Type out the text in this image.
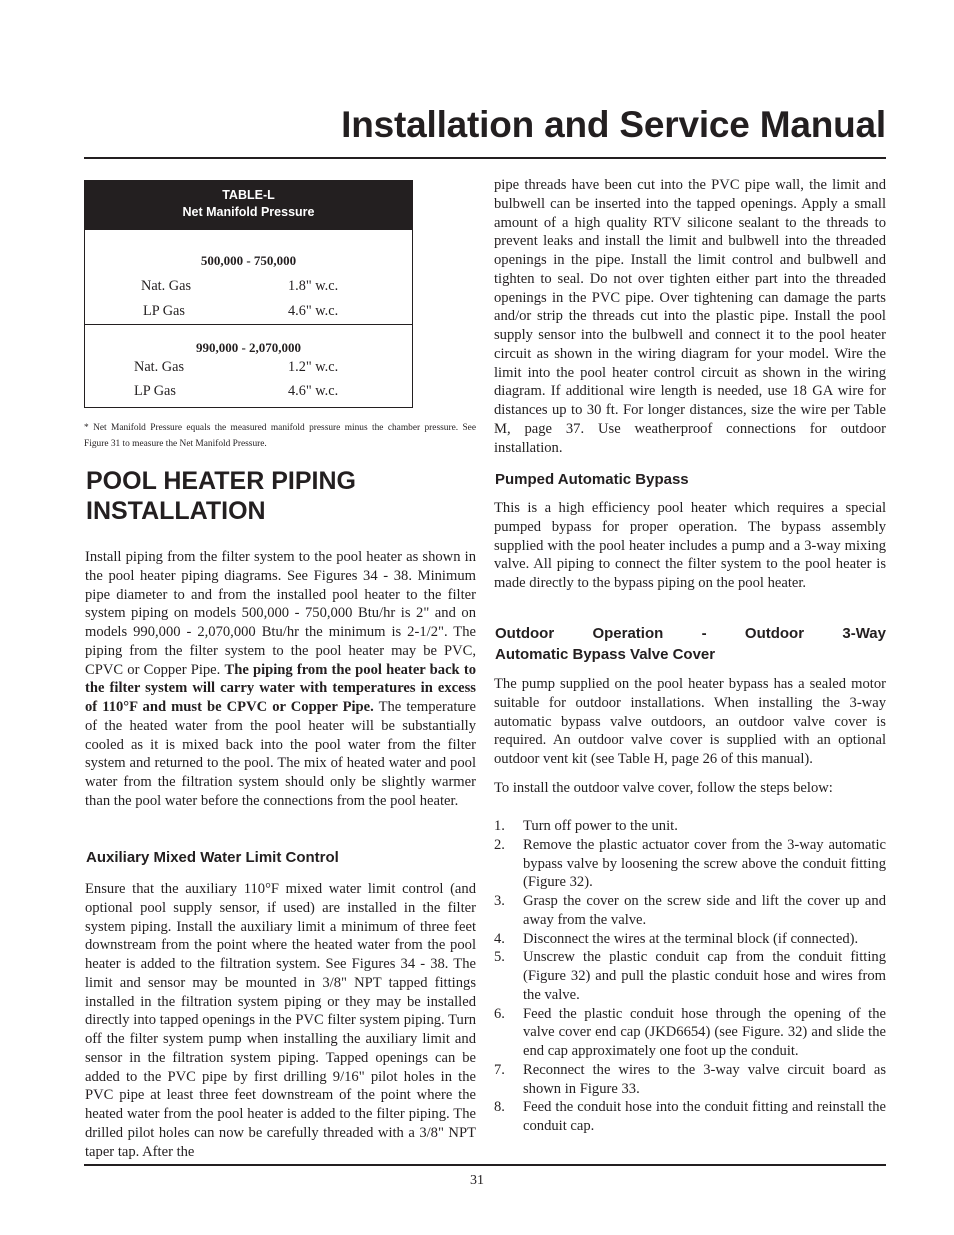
Installation and Service Manual
TABLE-L
Net Manifold Pressure
500,000 - 750,000
Nat. Gas	1.8" w.c.
LP Gas	4.6" w.c.
990,000 - 2,070,000
Nat. Gas	1.2" w.c.
LP Gas	4.6" w.c.
* Net Manifold Pressure equals the measured manifold pressure minus the chamber pressure. See Figure 31 to measure the Net Manifold Pressure.
POOL HEATER PIPING
INSTALLATION

Install piping from the filter system to the pool heater as shown in the pool heater piping diagrams. See Figures 34 - 38. Minimum pipe diameter to and from the installed pool heater to the filter system piping on models 500,000 - 750,000 Btu/hr is 2" and on models 990,000 - 2,070,000 Btu/hr the minimum is 2-1/2". The piping from the filter system to the pool heater may be PVC, CPVC or Copper Pipe. The piping from the pool heater back to the filter system will carry water with temperatures in excess of 110°F and must be CPVC or Copper Pipe. The temperature of the heated water from the pool heater will be substantially cooled as it is mixed back into the pool water from the filter system and returned to the pool. The mix of heated water and pool water from the filtration system should only be slightly warmer than the pool water before the connections from the pool heater.

Auxiliary Mixed Water Limit Control

Ensure that the auxiliary 110°F mixed water limit control (and optional pool supply sensor, if used) are installed in the filter system piping. Install the auxiliary limit a minimum of three feet downstream from the point where the heated water from the pool heater is added to the filtration system. See Figures 34 - 38. The limit and sensor may be mounted in 3/8" NPT tapped fittings installed in the filtration system piping or they may be installed directly into tapped openings in the PVC filter system piping. Turn off the filter system pump when installing the auxiliary limit and sensor in the filtration system piping. Tapped openings can be added to the PVC pipe by first drilling 9/16" pilot holes in the PVC pipe at least three feet downstream of the point where the heated water from the pool heater is added to the filter piping. The drilled pilot holes can now be carefully threaded with a 3/8" NPT taper tap. After the

pipe threads have been cut into the PVC pipe wall, the limit and bulbwell can be inserted into the tapped openings. Apply a small amount of a high quality RTV silicone sealant to the threads to prevent leaks and install the limit and bulbwell into the threaded openings in the pipe. Install the limit control and bulbwell and tighten to seal. Do not over tighten either part into the threaded openings in the PVC pipe. Over tightening can damage the parts and/or strip the threads cut into the plastic pipe. Install the pool supply sensor into the bulbwell and connect it to the pool heater circuit as shown in the wiring diagram for your model. Wire the limit into the pool heater control circuit as shown in the wiring diagram. If additional wire length is needed, use 18 GA wire for distances up to 30 ft. For longer distances, size the wire per Table M, page 37. Use weatherproof connections for outdoor installation.

Pumped Automatic Bypass

This is a high efficiency pool heater which requires a special pumped bypass for proper operation. The bypass assembly supplied with the pool heater includes a pump and a 3-way mixing valve. All piping to connect the filter system to the pool heater is made directly to the bypass piping on the pool heater.

Outdoor Operation - Outdoor 3-Way
Automatic Bypass Valve Cover

The pump supplied on the pool heater bypass has a sealed motor suitable for outdoor installations. When installing the 3-way automatic bypass valve outdoors, an outdoor valve cover is required. An outdoor valve cover is supplied with an optional outdoor vent kit (see Table H, page 26 of this manual).

To install the outdoor valve cover, follow the steps below:

1. Turn off power to the unit.
2. Remove the plastic actuator cover from the 3-way automatic bypass valve by loosening the screw above the conduit fitting (Figure 32).
3. Grasp the cover on the screw side and lift the cover up and away from the valve.
4. Disconnect the wires at the terminal block (if connected).
5. Unscrew the plastic conduit cap from the conduit fitting (Figure 32) and pull the plastic conduit hose and wires from the valve.
6. Feed the plastic conduit hose through the opening of the valve cover end cap (JKD6654) (see Figure. 32) and slide the end cap approximately one foot up the conduit.
7. Reconnect the wires to the 3-way valve circuit board as shown in Figure 33.
8. Feed the conduit hose into the conduit fitting and reinstall the conduit cap.
31
